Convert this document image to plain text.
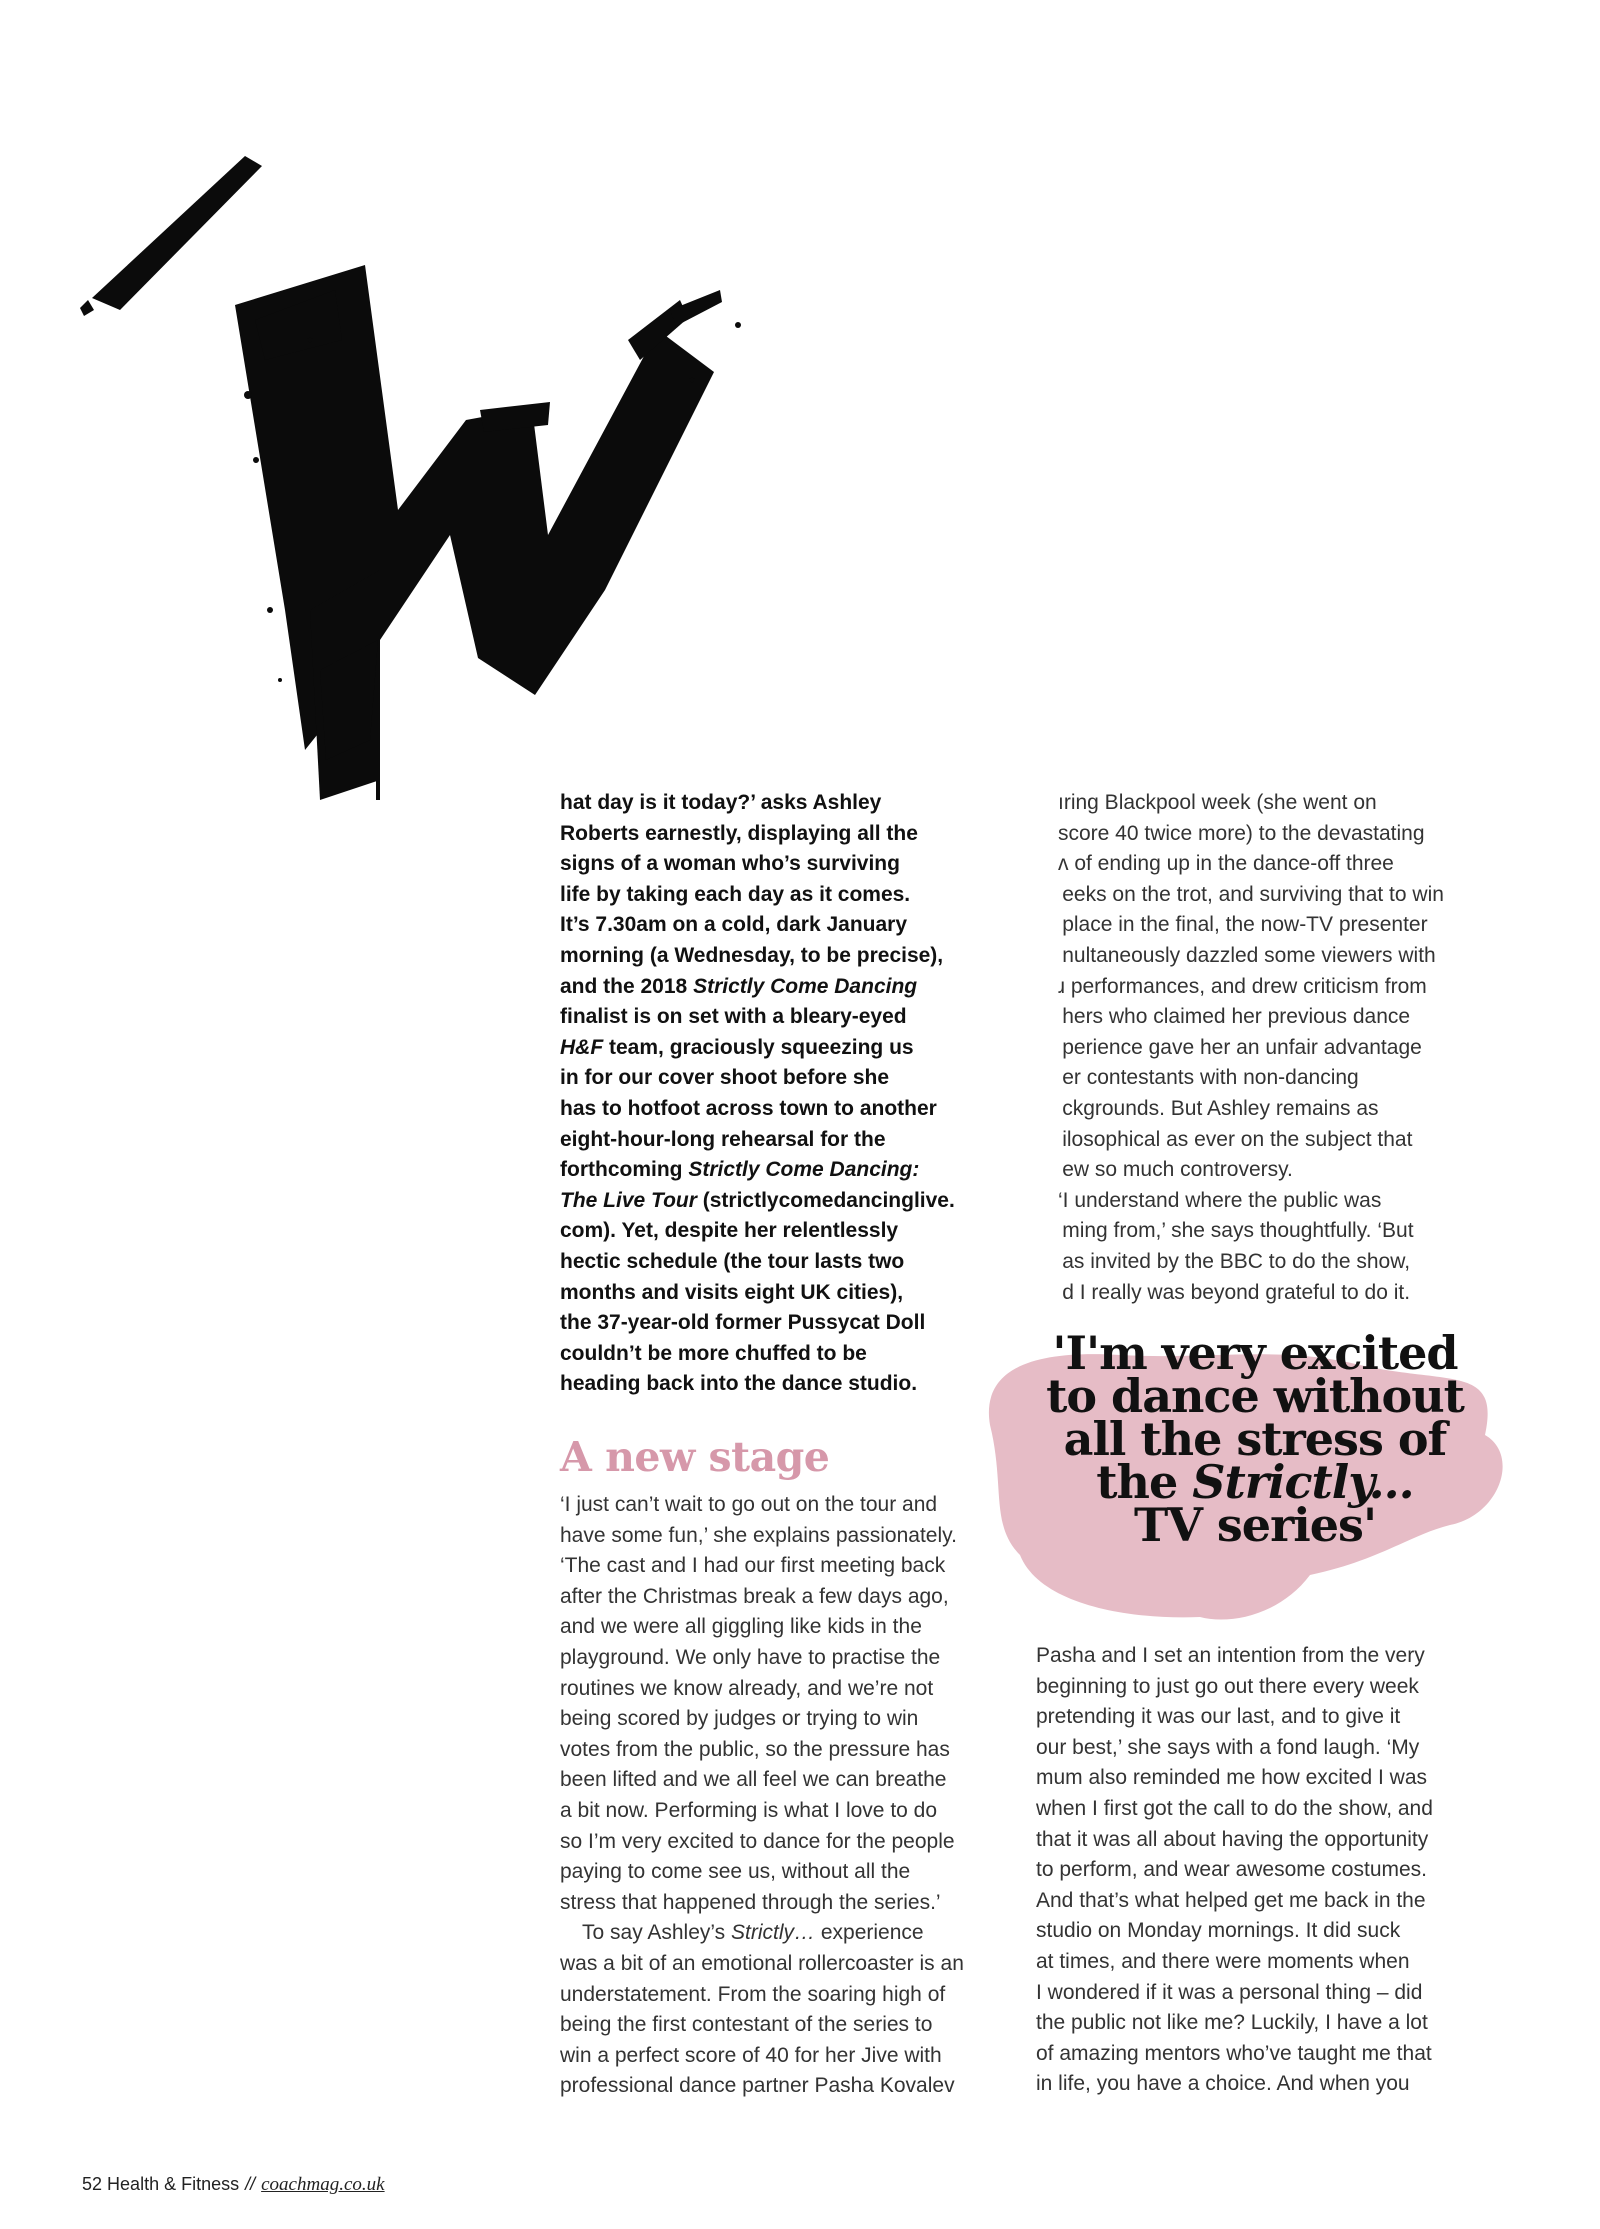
hat day is it today?’ asks Ashley
Roberts earnestly, displaying all the
signs of a woman who’s surviving
life by taking each day as it comes.
It’s 7.30am on a cold, dark January
morning (a Wednesday, to be precise),
and the 2018 Strictly Come Dancing
finalist is on set with a bleary-eyed
H&F team, graciously squeezing us
in for our cover shoot before she
has to hotfoot across town to another
eight-hour-long rehearsal for the
forthcoming Strictly Come Dancing:
The Live Tour (strictlycomedancinglive.
com). Yet, despite her relentlessly
hectic schedule (the tour lasts two
months and visits eight UK cities),
the 37-year-old former Pussycat Doll
couldn’t be more chuffed to be
heading back into the dance studio.
A new stage
‘I just can’t wait to go out on the tour and
have some fun,’ she explains passionately.
‘The cast and I had our first meeting back
after the Christmas break a few days ago,
and we were all giggling like kids in the
playground. We only have to practise the
routines we know already, and we’re not
being scored by judges or trying to win
votes from the public, so the pressure has
been lifted and we all feel we can breathe
a bit now. Performing is what I love to do
so I’m very excited to dance for the people
paying to come see us, without all the
stress that happened through the series.’
To say Ashley’s Strictly… experience
was a bit of an emotional rollercoaster is an
understatement. From the soaring high of
being the first contestant of the series to
win a perfect score of 40 for her Jive with
professional dance partner Pasha Kovalev
ıring Blackpool week (she went on
score 40 twice more) to the devastating
ʌ of ending up in the dance-off three
 eeks on the trot, and surviving that to win
 place in the final, the now-TV presenter
 nultaneously dazzled some viewers with
ɹ performances, and drew criticism from
 hers who claimed her previous dance
 perience gave her an unfair advantage
 er contestants with non-dancing
 ckgrounds. But Ashley remains as
 ilosophical as ever on the subject that
 ew so much controversy.
‘I understand where the public was
 ming from,’ she says thoughtfully. ‘But
 as invited by the BBC to do the show,
 d I really was beyond grateful to do it.
'I'm very excited
to dance without
all the stress of
the Strictly...
TV series'
Pasha and I set an intention from the very
beginning to just go out there every week
pretending it was our last, and to give it
our best,’ she says with a fond laugh. ‘My
mum also reminded me how excited I was
when I first got the call to do the show, and
that it was all about having the opportunity
to perform, and wear awesome costumes.
And that’s what helped get me back in the
studio on Monday mornings. It did suck
at times, and there were moments when
I wondered if it was a personal thing – did
the public not like me? Luckily, I have a lot
of amazing mentors who’ve taught me that
in life, you have a choice. And when you
52 Health & Fitness // coachmag.co.uk
